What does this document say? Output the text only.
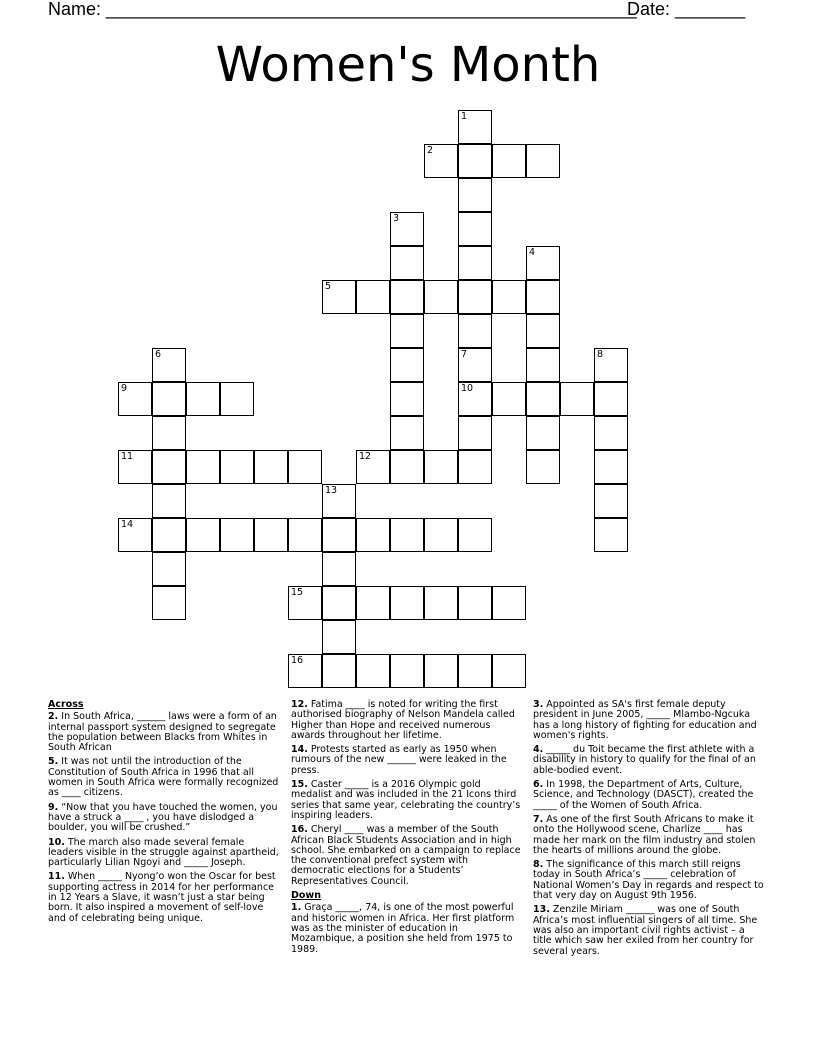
Name: _____________________________________________________
Date: _______
Women's Month
1
7
10
2
3
4
5
6	8
9
11	12
13
14
15
16
Across
2. In South Africa, ______ laws were a form of an internal passport system designed to segregate the population between Blacks from Whites in South African
5. It was not until the introduction of the Constitution of South Africa in 1996 that all women in South Africa were formally recognized as ____ citizens.
9. “Now that you have touched the women, you have a struck a ____ , you have dislodged a boulder, you will be crushed.”
10. The march also made several female leaders visible in the struggle against apartheid, particularly Lilian Ngoyi and _____ Joseph.
11. When _____ Nyong’o won the Oscar for best supporting actress in 2014 for her performance in 12 Years a Slave, it wasn’t just a star being born. It also inspired a movement of self-love and of celebrating being unique.
12. Fatima ____ is noted for writing the first authorised biography of Nelson Mandela called Higher than Hope and received numerous awards throughout her lifetime.
14. Protests started as early as 1950 when rumours of the new ______ were leaked in the press.
15. Caster _____ is a 2016 Olympic gold medalist and was included in the 21 Icons third series that same year, celebrating the country’s inspiring leaders.
16. Cheryl ____ was a member of the South African Black Students Association and in high school. She embarked on a campaign to replace the conventional prefect system with democratic elections for a Students’ Representatives Council.
Down
1. Graça _____, 74, is one of the most powerful and historic women in Africa. Her first platform was as the minister of education in Mozambique, a position she held from 1975 to 1989.
3. Appointed as SA's first female deputy president in June 2005, _____ Mlambo-Ngcuka has a long history of fighting for education and women's rights.
4. _____ du Toit became the first athlete with a disability in history to qualify for the final of an able-bodied event.
6. In 1998, the Department of Arts, Culture, Science, and Technology (DASCT), created the _____ of the Women of South Africa.
7. As one of the first South Africans to make it onto the Hollywood scene, Charlize ____ has made her mark on the film industry and stolen the hearts of millions around the globe.
8. The significance of this march still reigns today in South Africa’s _____ celebration of National Women’s Day in regards and respect to that very day on August 9th 1956.
13. Zenzile Miriam ______ was one of South Africa’s most influential singers of all time. She was also an important civil rights activist – a title which saw her exiled from her country for several years.
